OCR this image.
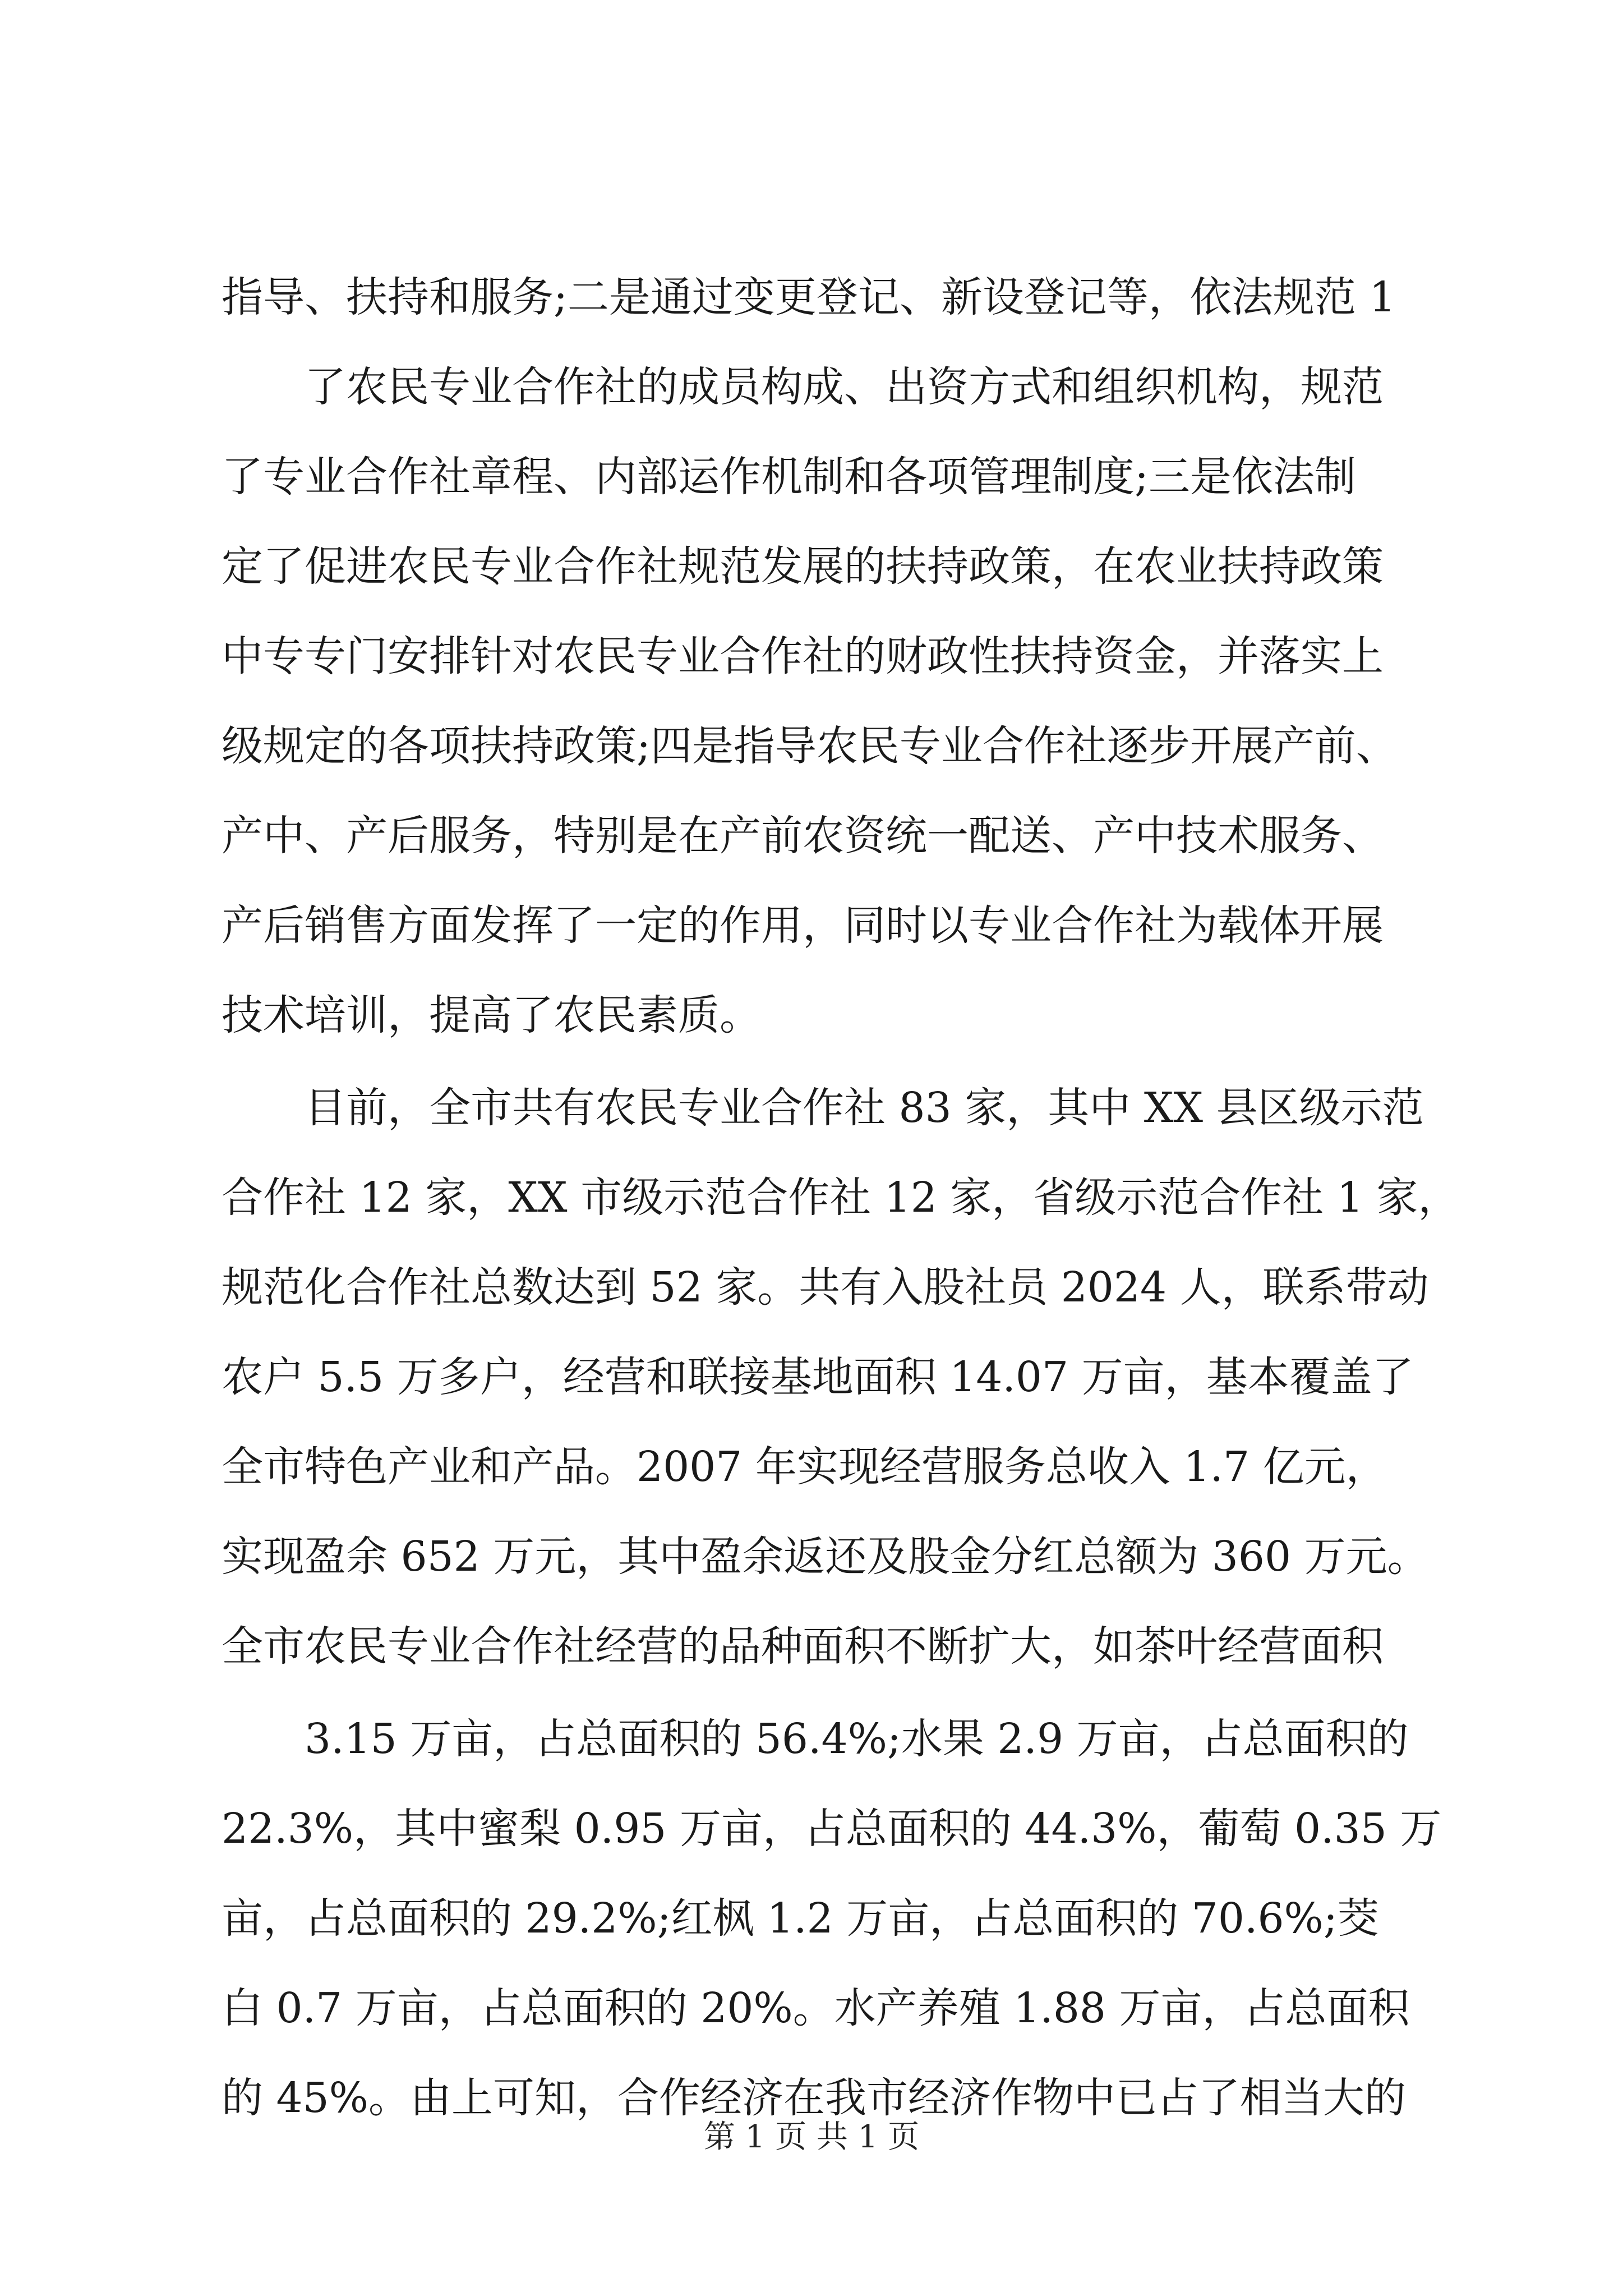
指导、扶持和服务;二是通过变更登记、新设登记等，依法规范 1
　　了农民专业合作社的成员构成、出资方式和组织机构，规范
了专业合作社章程、内部运作机制和各项管理制度;三是依法制
定了促进农民专业合作社规范发展的扶持政策，在农业扶持政策
中专专门安排针对农民专业合作社的财政性扶持资金，并落实上
级规定的各项扶持政策;四是指导农民专业合作社逐步开展产前、
产中、产后服务，特别是在产前农资统一配送、产中技术服务、
产后销售方面发挥了一定的作用，同时以专业合作社为载体开展
技术培训，提高了农民素质。
　　目前，全市共有农民专业合作社 83 家，其中 XX 县区级示范
合作社 12 家，XX 市级示范合作社 12 家，省级示范合作社 1 家，
规范化合作社总数达到 52 家。共有入股社员 2024 人，联系带动
农户 5.5 万多户，经营和联接基地面积 14.07 万亩，基本覆盖了
全市特色产业和产品。2007 年实现经营服务总收入 1.7 亿元，
实现盈余 652 万元，其中盈余返还及股金分红总额为 360 万元。
全市农民专业合作社经营的品种面积不断扩大，如茶叶经营面积
　　3.15 万亩，占总面积的 56.4%;水果 2.9 万亩，占总面积的
22.3%，其中蜜梨 0.95 万亩，占总面积的 44.3%，葡萄 0.35 万
亩，占总面积的 29.2%;红枫 1.2 万亩，占总面积的 70.6%;茭
白 0.7 万亩，占总面积的 20%。水产养殖 1.88 万亩，占总面积
的 45%。由上可知，合作经济在我市经济作物中已占了相当大的
第 1 页 共 1 页
